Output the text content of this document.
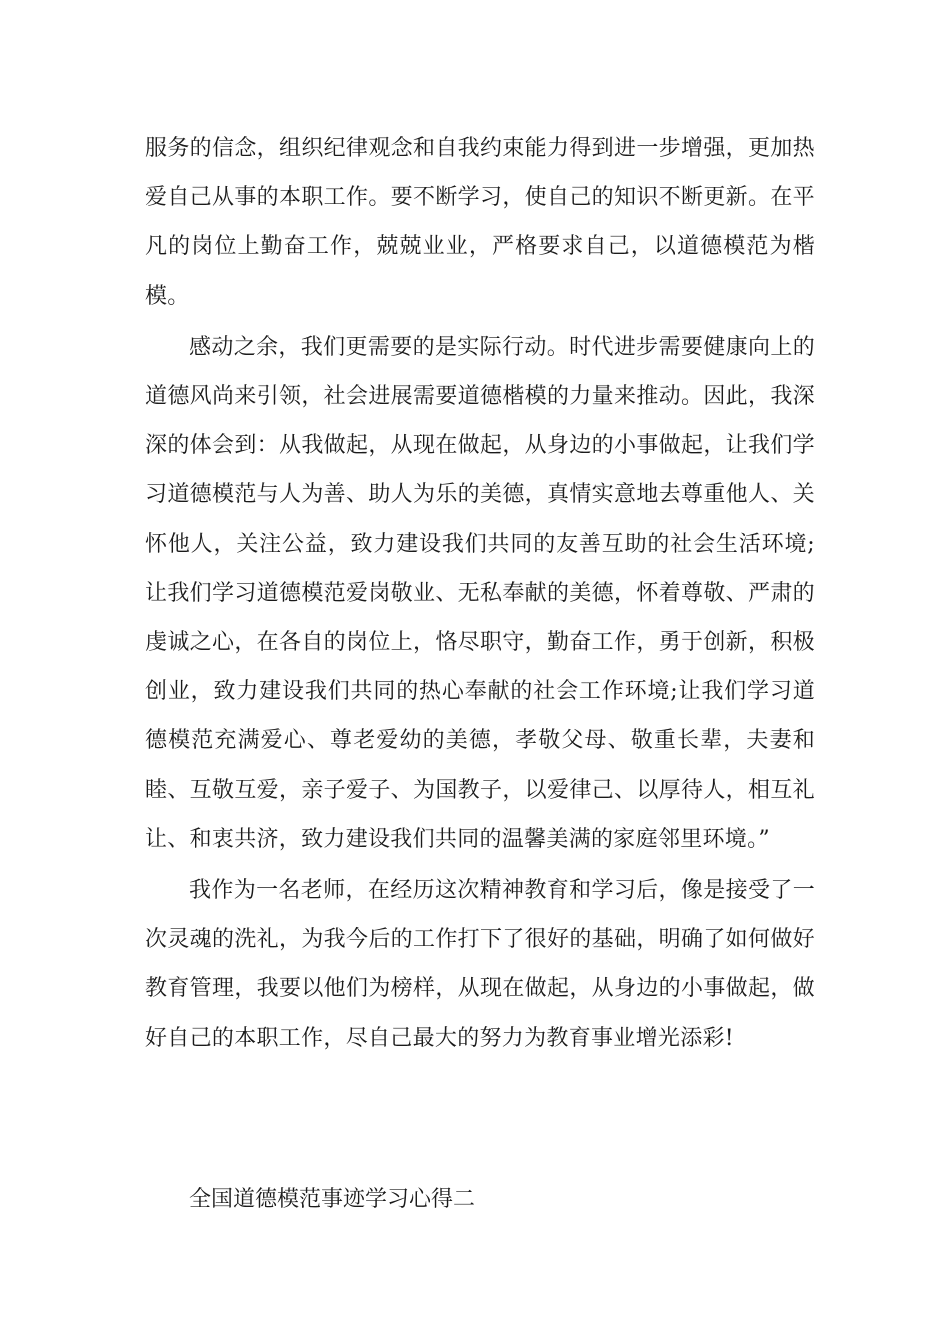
服务的信念，组织纪律观念和自我约束能力得到进一步增强，更加热爱自己从事的本职工作。要不断学习，使自己的知识不断更新。在平凡的岗位上勤奋工作，兢兢业业，严格要求自己，以道德模范为楷模。

感动之余，我们更需要的是实际行动。时代进步需要健康向上的道德风尚来引领，社会进展需要道德楷模的力量来推动。因此，我深深的体会到：从我做起，从现在做起，从身边的小事做起，让我们学习道德模范与人为善、助人为乐的美德，真情实意地去尊重他人、关怀他人，关注公益，致力建设我们共同的友善互助的社会生活环境;让我们学习道德模范爱岗敬业、无私奉献的美德，怀着尊敬、严肃的虔诚之心，在各自的岗位上，恪尽职守，勤奋工作，勇于创新，积极创业，致力建设我们共同的热心奉献的社会工作环境;让我们学习道德模范充满爱心、尊老爱幼的美德，孝敬父母、敬重长辈，夫妻和睦、互敬互爱，亲子爱子、为国教子，以爱律己、以厚待人，相互礼让、和衷共济，致力建设我们共同的温馨美满的家庭邻里环境。”

我作为一名老师，在经历这次精神教育和学习后，像是接受了一次灵魂的洗礼，为我今后的工作打下了很好的基础，明确了如何做好教育管理，我要以他们为榜样，从现在做起，从身边的小事做起，做好自己的本职工作，尽自己最大的努力为教育事业增光添彩!

全国道德模范事迹学习心得二
